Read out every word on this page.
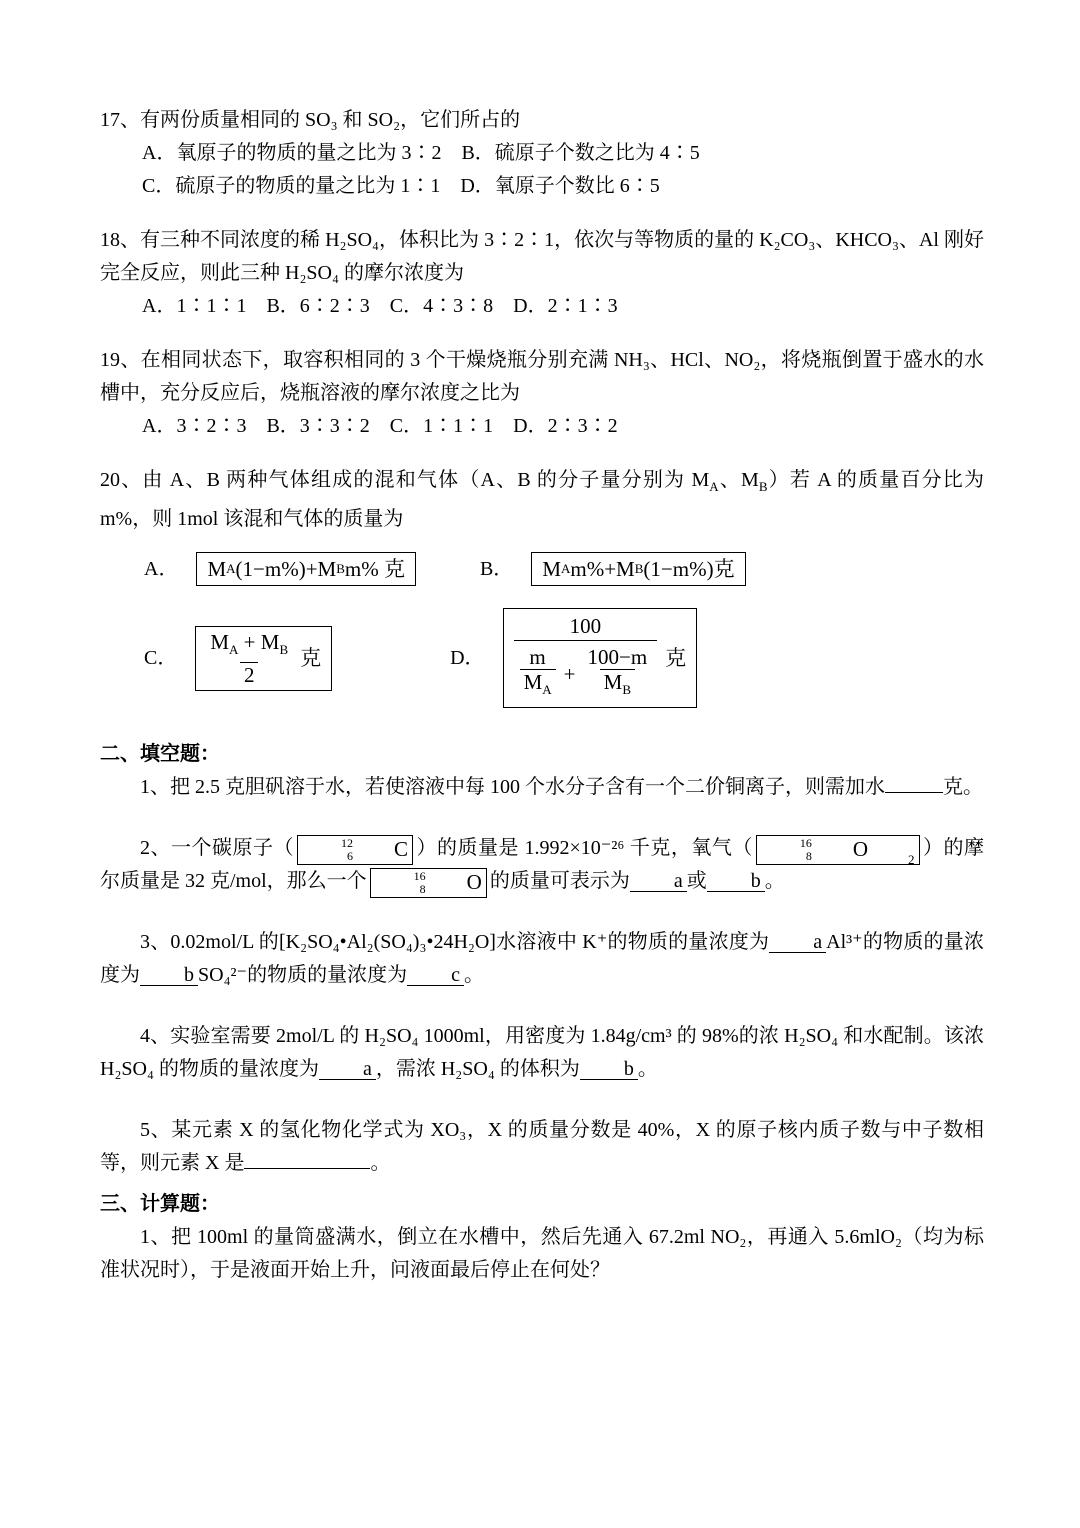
17、有两份质量相同的 SO₃ 和 SO₂，它们所占的

A．氧原子的物质的量之比为 3∶2　B．硫原子个数之比为 4∶5

C．硫原子的物质的量之比为 1∶1　D．氧原子个数比 6∶5

18、有三种不同浓度的稀 H₂SO₄，体积比为 3∶2∶1，依次与等物质的量的 K₂CO₃、KHCO₃、Al 刚好完全反应，则此三种 H₂SO₄ 的摩尔浓度为

A．1∶1∶1　B．6∶2∶3　C．4∶3∶8　D．2∶1∶3

19、在相同状态下，取容积相同的 3 个干燥烧瓶分别充满 NH₃、HCl、NO₂，将烧瓶倒置于盛水的水槽中，充分反应后，烧瓶溶液的摩尔浓度之比为

A．3∶2∶3　B．3∶3∶2　C．1∶1∶1　D．2∶3∶2

20、由 A、B 两种气体组成的混和气体（A、B 的分子量分别为 $M_A$、$M_B$）若 A 的质量百分比为 m%，则 1mol 该混和气体的质量为

A．	M A (1−m%)+M B m% 克	B．	M A m%+M B (1−m%)克
C． $\frac{M_A + M_B}{2}$ 克	D．
100
$\frac{m}{M_A} + \frac{100-m}{M_B}$ 克

二、填空题：

1、把 2.5 克胆矾溶于水，若使溶液中每 100 个水分子含有一个二价铜离子，则需加水	克。

2、一个碳原子（	12
6	C ）的质量是 1.992×10⁻²⁶ 千克，氧气（	16
8	O	2 ）的摩尔质量是 32 克/mol，那么一个	16
8	O 的质量可表示为 a 或 b 。

3、0.02mol/L 的[K₂SO₄•Al₂(SO₄)₃•24H₂O]水溶液中 K⁺的物质的量浓度为 a Al³⁺的物质的量浓度为 b SO₄²⁻的物质的量浓度为 c 。

4、实验室需要 2mol/L 的 H₂SO₄ 1000ml，用密度为 1.84g/cm³ 的 98%的浓 H₂SO₄ 和水配制。该浓 H₂SO₄ 的物质的量浓度为 a ，需浓 H₂SO₄ 的体积为 b 。

5、某元素 X 的氢化物化学式为 XO₃，X 的质量分数是 40%，X 的原子核内质子数与中子数相等，则元素 X 是	。

三、计算题：

1、把 100ml 的量筒盛满水，倒立在水槽中，然后先通入 67.2ml NO₂，再通入 5.6mlO₂（均为标准状况时），于是液面开始上升，问液面最后停止在何处？
